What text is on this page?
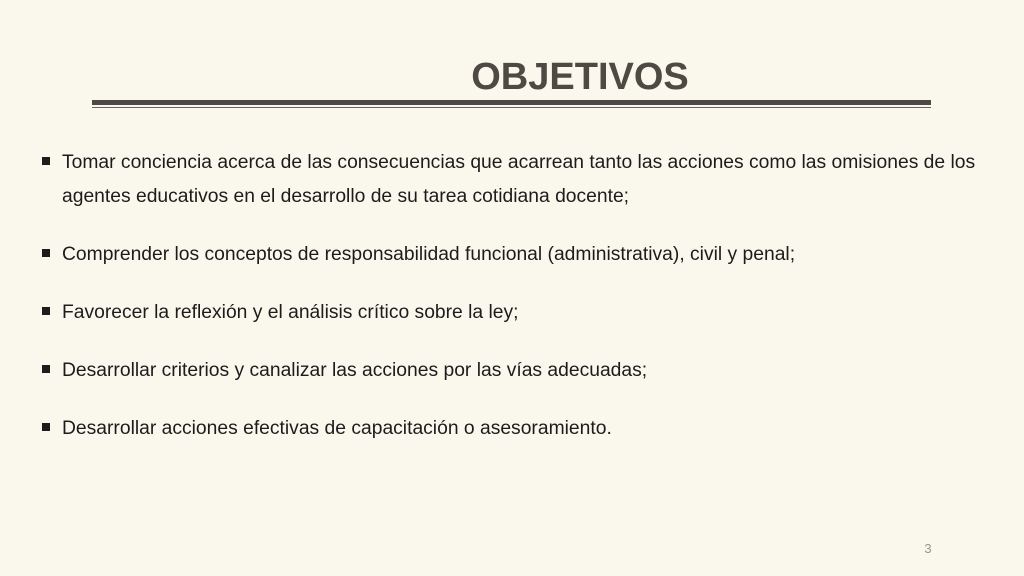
OBJETIVOS
Tomar conciencia acerca de las consecuencias que acarrean tanto las acciones como las omisiones de los agentes educativos en el desarrollo de su tarea cotidiana docente;
Comprender los conceptos de responsabilidad funcional (administrativa), civil y penal;
Favorecer la reflexión y el análisis crítico sobre la ley;
Desarrollar criterios y canalizar las acciones por las vías adecuadas;
Desarrollar acciones efectivas de capacitación o asesoramiento.
3
